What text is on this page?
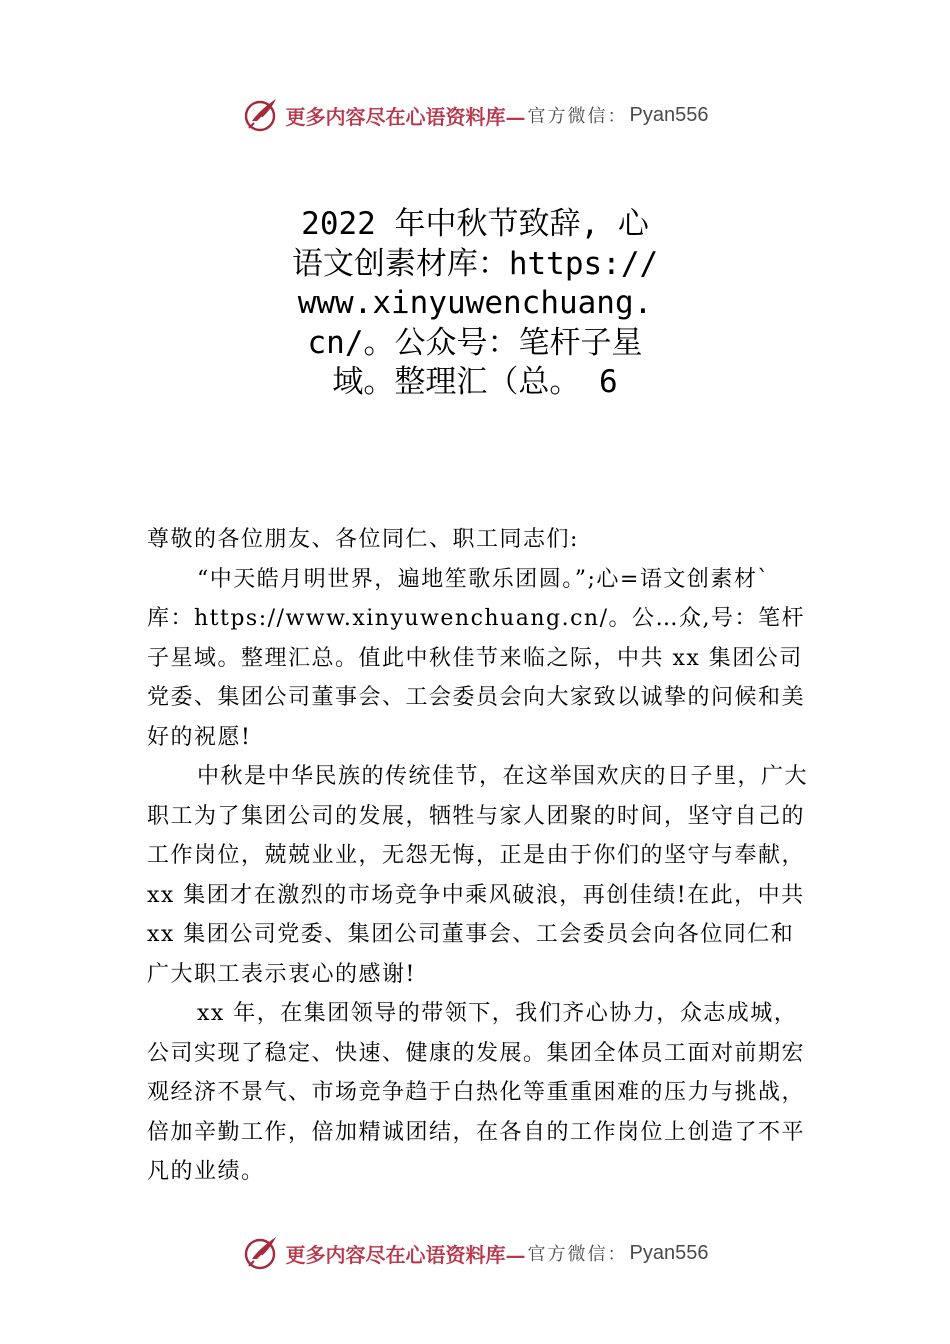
更多内容尽在心语资料库— 官方微信： Pyan556
2022 年中秋节致辞, 心语文创素材库：https://www.xinyuwenchuang.cn/。公众号：笔杆子星域。整理汇（总。 6

尊敬的各位朋友、各位同仁、职工同志们:

“中天皓月明世界，遍地笙歌乐团圆。”;心=语文创素材`库：https://www.xinyuwenchuang.cn/。公…众,号：笔杆子星域。整理汇总。值此中秋佳节来临之际，中共 xx 集团公司党委、集团公司董事会、工会委员会向大家致以诚挚的问候和美好的祝愿!

中秋是中华民族的传统佳节，在这举国欢庆的日子里，广大职工为了集团公司的发展，牺牲与家人团聚的时间，坚守自己的工作岗位，兢兢业业，无怨无悔，正是由于你们的坚守与奉献，xx 集团才在激烈的市场竞争中乘风破浪，再创佳绩!在此，中共 xx 集团公司党委、集团公司董事会、工会委员会向各位同仁和广大职工表示衷心的感谢!

xx 年，在集团领导的带领下，我们齐心协力，众志成城，公司实现了稳定、快速、健康的发展。集团全体员工面对前期宏观经济不景气、市场竞争趋于白热化等重重困难的压力与挑战，倍加辛勤工作，倍加精诚团结，在各自的工作岗位上创造了不平凡的业绩。

更多内容尽在心语资料库— 官方微信： Pyan556
